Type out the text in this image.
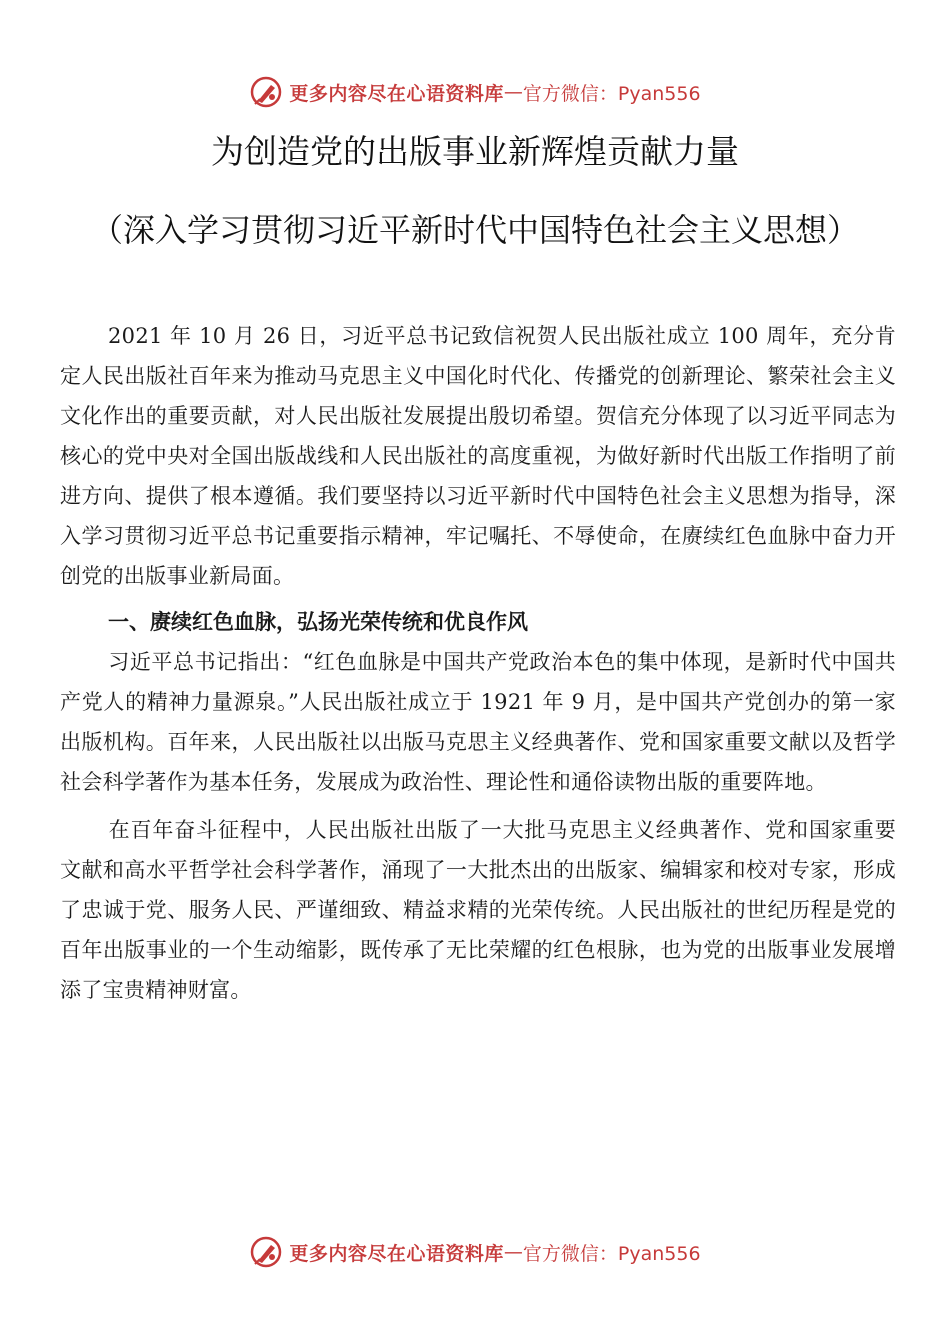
更多内容尽在心语资料库 — 官方微信：Pyan556
为创造党的出版事业新辉煌贡献力量
（深入学习贯彻习近平新时代中国特色社会主义思想）

2021 年 10 月 26 日，习近平总书记致信祝贺人民出版社成立 100 周年，充分肯定人民出版社百年来为推动马克思主义中国化时代化、传播党的创新理论、繁荣社会主义文化作出的重要贡献，对人民出版社发展提出殷切希望。贺信充分体现了以习近平同志为核心的党中央对全国出版战线和人民出版社的高度重视，为做好新时代出版工作指明了前进方向、提供了根本遵循。我们要坚持以习近平新时代中国特色社会主义思想为指导，深入学习贯彻习近平总书记重要指示精神，牢记嘱托、不辱使命，在赓续红色血脉中奋力开创党的出版事业新局面。

一、赓续红色血脉，弘扬光荣传统和优良作风

习近平总书记指出：“红色血脉是中国共产党政治本色的集中体现，是新时代中国共产党人的精神力量源泉。”人民出版社成立于 1921 年 9 月，是中国共产党创办的第一家出版机构。百年来，人民出版社以出版马克思主义经典著作、党和国家重要文献以及哲学社会科学著作为基本任务，发展成为政治性、理论性和通俗读物出版的重要阵地。

在百年奋斗征程中，人民出版社出版了一大批马克思主义经典著作、党和国家重要文献和高水平哲学社会科学著作，涌现了一大批杰出的出版家、编辑家和校对专家，形成了忠诚于党、服务人民、严谨细致、精益求精的光荣传统。人民出版社的世纪历程是党的百年出版事业的一个生动缩影，既传承了无比荣耀的红色根脉，也为党的出版事业发展增添了宝贵精神财富。

更多内容尽在心语资料库 — 官方微信：Pyan556
